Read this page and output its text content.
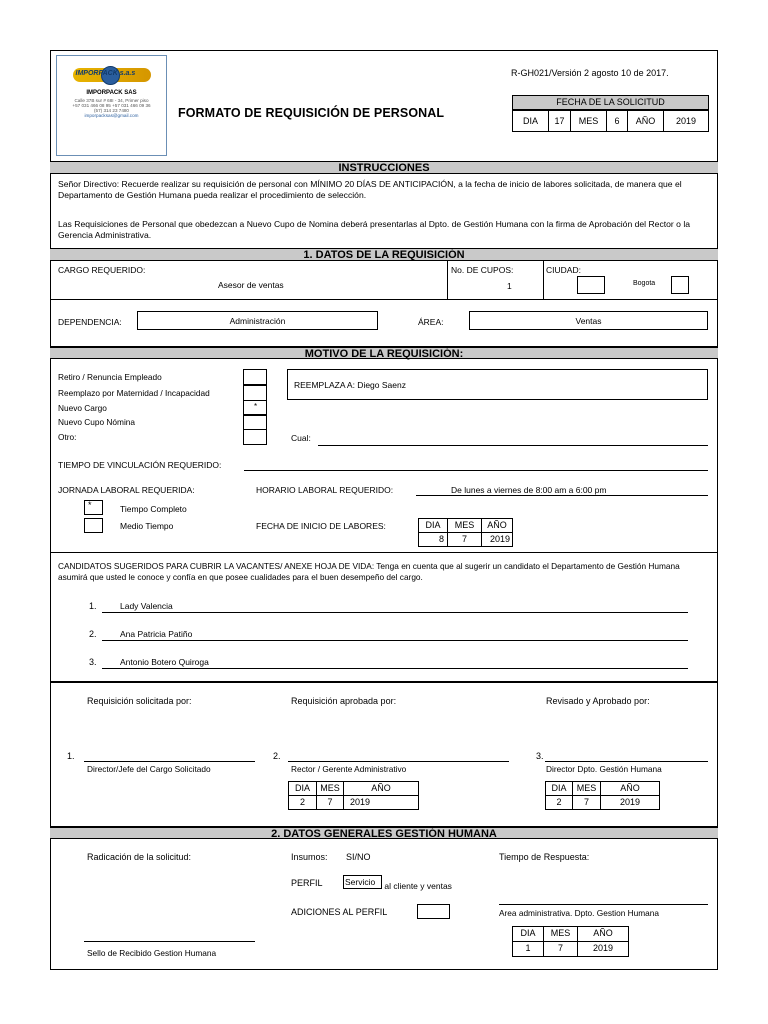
IMPORPACK s.a.s
IMPORPACK SAS
Calle 37B sur # 68I - 34, Primer piso
+57 031 466 08 95 +57 031 466 09 36
(57) 314 23 7480
imporpacksas@gmail.com	FORMATO DE REQUISICIÓN DE PERSONAL
R-GH021/Versión 2 agosto 10 de 2017.
FECHA DE LA SOLICITUD
DIA	17	MES	6	AÑO	2019
INSTRUCCIONES
Señor Directivo: Recuerde realizar su requisición de personal con MÍNIMO 20 DÍAS DE ANTICIPACIÓN, a la fecha de inicio de labores solicitada, de manera que el Departamento de Gestión Humana pueda realizar el procedimiento de selección.
Las Requisiciones de Personal que obedezcan a Nuevo Cupo de Nomina deberá presentarlas al Dpto. de Gestión Humana con la firma de Aprobación del Rector o la Gerencia Administrativa.
1. DATOS DE LA REQUISICIÓN
CARGO REQUERIDO:
Asesor de ventas
No. DE CUPOS:
1
CIUDAD:
Bogota
DEPENDENCIA:	Administración	ÁREA:	Ventas
MOTIVO DE LA REQUISICIÓN:
Retiro / Renuncia Empleado
Reemplazo por Maternidad / Incapacidad
Nuevo Cargo	*
Nuevo Cupo Nómina
Otro:
REEMPLAZA A: Diego Saenz
Cual:
TIEMPO DE VINCULACIÓN REQUERIDO:
JORNADA LABORAL REQUERIDA:
*	Tiempo Completo
Medio Tiempo
HORARIO LABORAL REQUERIDO:	De lunes a viernes de 8:00 am a 6:00 pm
FECHA DE INICIO DE LABORES:	DIA	MES	AÑO
8	7	2019
CANDIDATOS SUGERIDOS PARA CUBRIR LA VACANTES/ ANEXE HOJA DE VIDA: Tenga en cuenta que al sugerir un candidato el Departamento de Gestión Humana asumirá que usted le conoce y confía en que posee cualidades para el buen desempeño del cargo.
1.	Lady Valencia
2.	Ana Patricia Patiño
3.	Antonio Botero Quiroga
Requisición solicitada por:	Requisición aprobada por:	Revisado y Aprobado por:
1.
Director/Jefe del Cargo Solicitado
2.
Rector / Gerente Administrativo
DIA	MES	AÑO
2	7	2019
3.
Director Dpto. Gestión Humana
DIA	MES	AÑO
2	7	2019
2. DATOS GENERALES GESTIÓN HUMANA
Radicación de la solicitud:	Insumos: SI/NO	Tiempo de Respuesta:
PERFIL	Servicio al cliente y ventas
ADICIONES AL PERFIL	Area administrativa. Dpto. Gestion Humana
DIA	MES	AÑO
1	7	2019
Sello de Recibido Gestion Humana
